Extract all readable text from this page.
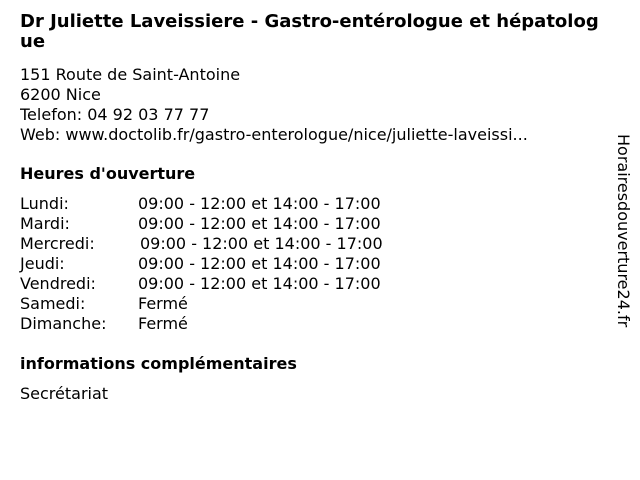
Dr Juliette Laveissiere - Gastro-entérologue et hépatologue
151 Route de Saint-Antoine
6200 Nice
Telefon: 04 92 03 77 77
Web: www.doctolib.fr/gastro-enterologue/nice/juliette-laveissi...
Heures d'ouverture
Lundi:	09:00 - 12:00 et 14:00 - 17:00
Mardi:	09:00 - 12:00 et 14:00 - 17:00
Mercredi:	09:00 - 12:00 et 14:00 - 17:00
Jeudi:	09:00 - 12:00 et 14:00 - 17:00
Vendredi:	09:00 - 12:00 et 14:00 - 17:00
Samedi:	Fermé
Dimanche:	Fermé
informations complémentaires
Secrétariat
Horairesdouverture24.fr
